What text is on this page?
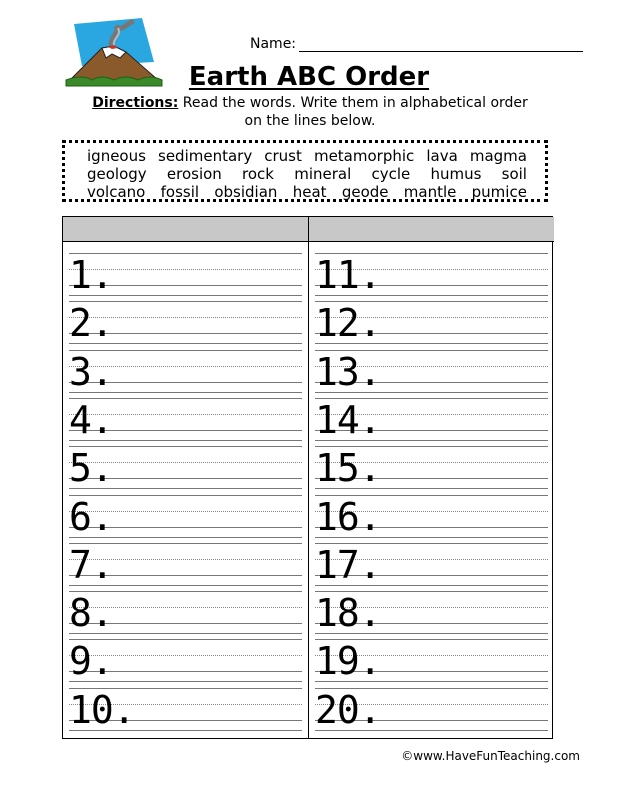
Name:
Earth ABC Order
Directions: Read the words. Write them in alphabetical order
on the lines below.
igneous sedimentary crust metamorphic lava magma
geology erosion rock mineral cycle humus soil
volcano fossil obsidian heat geode mantle pumice
1.
2.
3.
4.
5.
6.
7.
8.
9.
10.
11.
12.
13.
14.
15.
16.
17.
18.
19.
20.
©www.HaveFunTeaching.com
